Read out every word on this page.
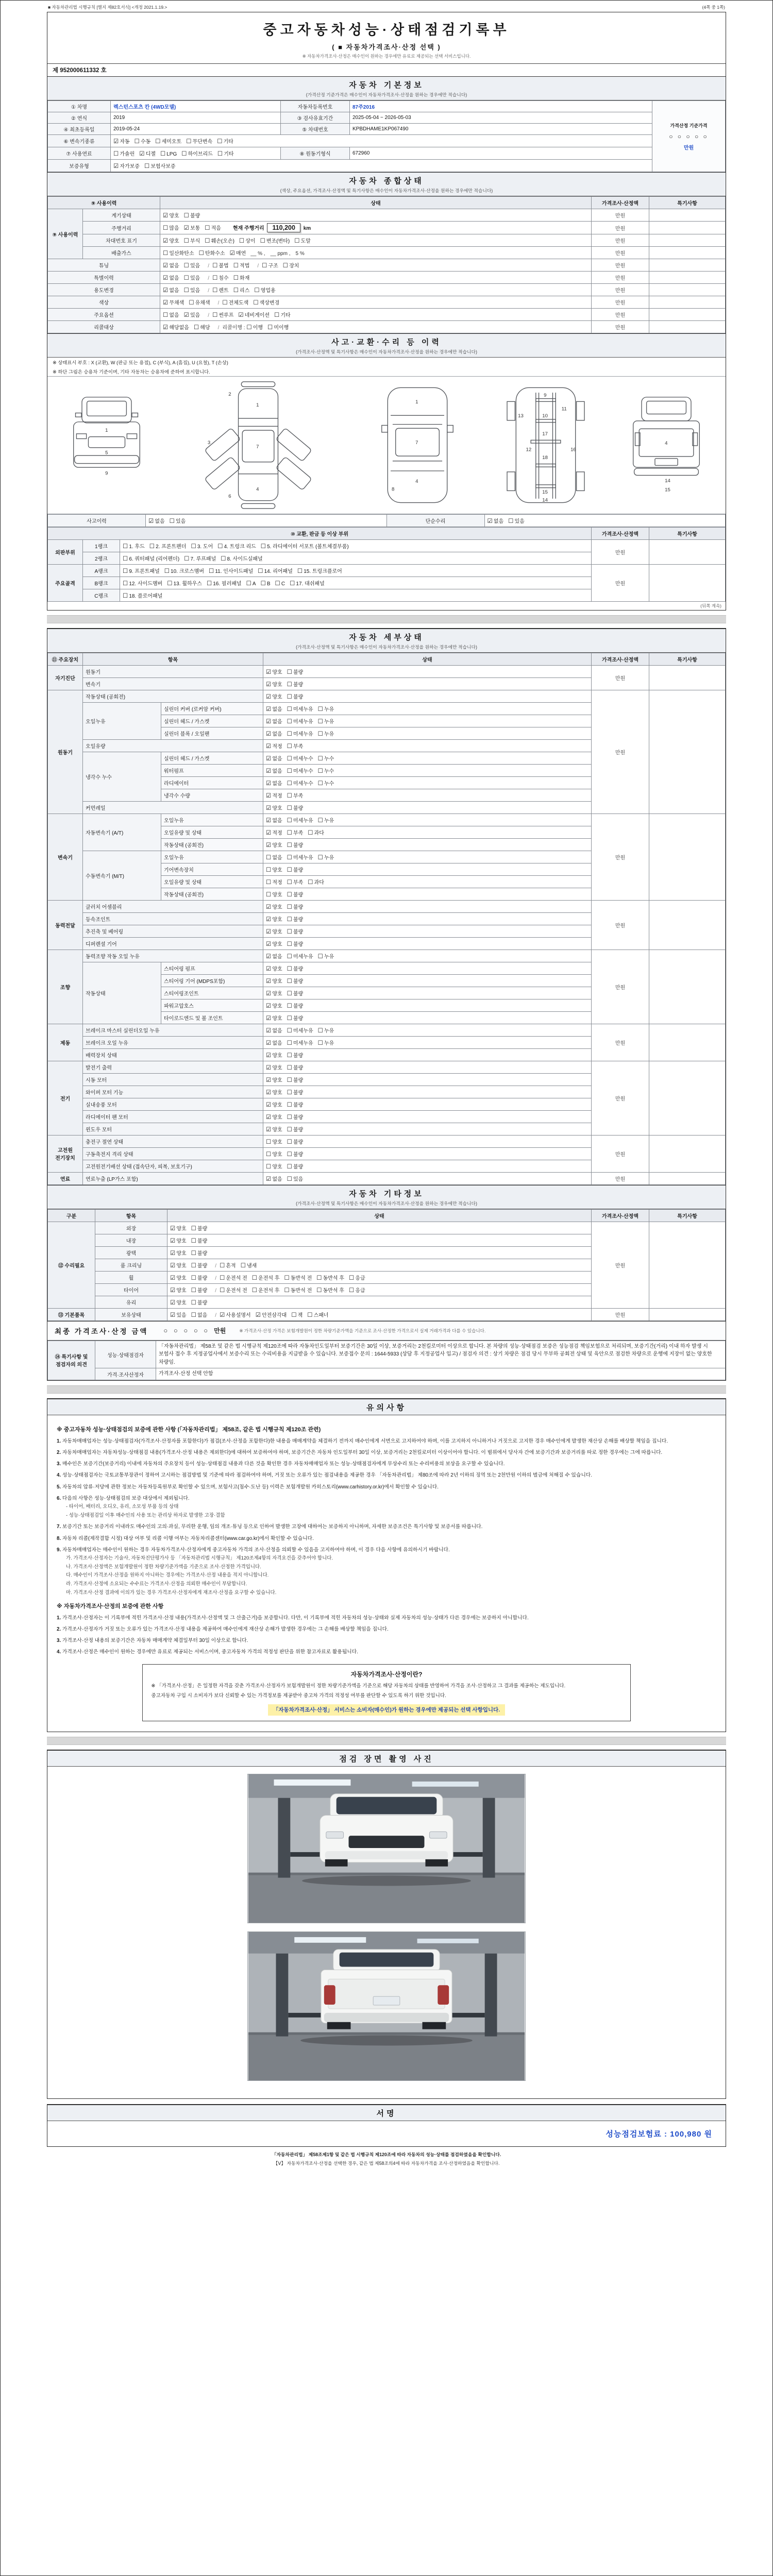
■ 자동차관리법 시행규칙 [별지 제82호서식] <개정 2021.1.19.>	(4쪽 중 1쪽)
중고자동차성능·상태점검기록부
( ■ 자동차가격조사·산정 선택 )
※ 자동차가격조사·산정은 매수인이 원하는 경우에만 유료로 제공되는 선택 서비스입니다.
제 952000611332 호
자동차 기본정보
(가격산정 기준가격은 매수인이 자동차가격조사·산정을 원하는 경우에만 적습니다)
① 차명	렉스턴스포츠 칸 (4WD모델)	자동차등록번호	87주2016	가격산정 기준가격
○ ○ ○ ○ ○
만원

② 연식	2019	③ 검사유효기간	2025-05-04 ~ 2026-05-03	
④ 최초등록일	2019-05-24	⑤ 차대번호	KPBDHAME1KP067490	
⑥ 변속기종류	☑ 자동 ☐ 수동 ☐ 세미오토 ☐ 무단변속 ☐ 기타			
⑦ 사용연료	☐ 가솔린 ☑ 디젤 ☐ LPG ☐ 하이브리드 ☐ 기타	⑧ 원동기형식	672960	
보증유형	☑ 자가보증 ☐ 보험사보증			
자동차 종합상태
(색상, 주요옵션, 가격조사·산정액 및 특기사항은 매수인이 자동차가격조사·산정을 원하는 경우에만 적습니다)
⑨ 사용이력		상태	가격조사·산정액	특기사항
⑨ 사용이력	계기상태	☑ 양호 ☐ 불량	만원	
	주행거리	☐ 많음 ☑ 보통 ☐ 적음 현재 주행거리 110,200 km	만원	
	차대번호 표기	☑ 양호 ☐ 부식 ☐ 훼손(오손) ☐ 상이 ☐ 변조(변타) ☐ 도말	만원	
	배출가스	☐ 일산화탄소 ☐ 탄화수소 ☑ 매연 __ % ,　__ ppm ,　5 %	만원	
튜닝		☑ 없음 ☐ 있음 / ☐ 불법 ☐ 적법 / ☐ 구조 ☐ 장치	만원	
특별이력		☑ 없음 ☐ 있음 / ☐ 침수 ☐ 화재	만원	
용도변경		☑ 없음 ☐ 있음 / ☐ 렌트 ☐ 리스 ☐ 영업용	만원	
색상		☑ 무채색 ☐ 유채색 / ☐ 전체도색 ☐ 색상변경	만원	
주요옵션		☐ 없음 ☑ 있음 / ☐ 썬루프 ☑ 네비게이션 ☐ 기타	만원	
리콜대상		☑ 해당없음 ☐ 해당 / 리콜이행 : ☐ 이행 ☐ 미이행	만원	
사고·교환·수리 등 이력
(가격조사·산정액 및 특기사항은 매수인이 자동차가격조사·산정을 원하는 경우에만 적습니다)
※ 상태표시 부호 : X (교환), W (판금 또는 용접), C (부식), A (흠집), U (요철), T (손상)
※ 하단 그림은 승용차 기준이며, 기타 자동차는 승용차에 준하여 표시합니다.
1
5
9
1
2
3
7
4
6
1
7
4
8
9
10
11
12
13
16
17
18
15
14
4
14
15
사고이력	☑ 없음 ☐ 있음	단순수리	☑ 없음 ☐ 있음
⑩ 교환, 판금 등 이상 부위			가격조사·산정액	특기사항
외판부위	1랭크	☐ 1. 후드 ☐ 2. 프론트펜더 ☐ 3. 도어 ☐ 4. 트렁크 리드 ☐ 5. 라디에이터 서포트 (볼트체결부품)	만원	
	2랭크	☐ 6. 쿼터패널 (리어펜더) ☐ 7. 루프패널 ☐ 8. 사이드실패널		
주요골격	A랭크	☐ 9. 프론트패널 ☐ 10. 크로스멤버 ☐ 11. 인사이드패널 ☐ 14. 리어패널 ☐ 15. 트렁크플로어	만원	
	B랭크	☐ 12. 사이드멤버 ☐ 13. 휠하우스 ☐ 16. 필러패널 ☐ A ☐ B ☐ C ☐ 17. 대쉬패널		
	C랭크	☐ 18. 플로어패널		
(뒤쪽 계속)
자동차 세부상태
(가격조사·산정액 및 특기사항은 매수인이 자동차가격조사·산정을 원하는 경우에만 적습니다)
⑪ 주요장치	항목		상태	가격조사·산정액	특기사항
자기진단	원동기		☑ 양호 ☐ 불량	만원	
	변속기		☑ 양호 ☐ 불량		
원동기	작동상태 (공회전)		☑ 양호 ☐ 불량	만원	
	오일누유	실린더 커버 (로커암 커버)	☑ 없음 ☐ 미세누유 ☐ 누유		
		실린더 헤드 / 가스켓	☑ 없음 ☐ 미세누유 ☐ 누유		
		실린더 블록 / 오일팬	☑ 없음 ☐ 미세누유 ☐ 누유		
	오일유량		☑ 적정 ☐ 부족		
	냉각수 누수	실린더 헤드 / 가스켓	☑ 없음 ☐ 미세누수 ☐ 누수		
		워터펌프	☑ 없음 ☐ 미세누수 ☐ 누수		
		라디에이터	☑ 없음 ☐ 미세누수 ☐ 누수		
		냉각수 수량	☑ 적정 ☐ 부족		
	커먼레일		☑ 양호 ☐ 불량		
변속기	자동변속기 (A/T)	오일누유	☑ 없음 ☐ 미세누유 ☐ 누유	만원	
		오일유량 및 상태	☑ 적정 ☐ 부족 ☐ 과다		
		작동상태 (공회전)	☑ 양호 ☐ 불량		
	수동변속기 (M/T)	오일누유	☐ 없음 ☐ 미세누유 ☐ 누유		
		기어변속장치	☐ 양호 ☐ 불량		
		오일유량 및 상태	☐ 적정 ☐ 부족 ☐ 과다		
		작동상태 (공회전)	☐ 양호 ☐ 불량		
동력전달	클러치 어셈블리		☑ 양호 ☐ 불량	만원	
	등속조인트		☑ 양호 ☐ 불량		
	추진축 및 베어링		☑ 양호 ☐ 불량		
	디퍼렌셜 기어		☑ 양호 ☐ 불량		
조향	동력조향 작동 오일 누유		☑ 없음 ☐ 미세누유 ☐ 누유	만원	
	작동상태	스티어링 펌프	☑ 양호 ☐ 불량		
		스티어링 기어 (MDPS포함)	☑ 양호 ☐ 불량		
		스티어링조인트	☑ 양호 ☐ 불량		
		파워고압호스	☑ 양호 ☐ 불량		
		타이로드엔드 및 볼 조인트	☑ 양호 ☐ 불량		
제동	브레이크 마스터 실린더오일 누유		☑ 없음 ☐ 미세누유 ☐ 누유	만원	
	브레이크 오일 누유		☑ 없음 ☐ 미세누유 ☐ 누유		
	배력장치 상태		☑ 양호 ☐ 불량		
전기	발전기 출력		☑ 양호 ☐ 불량	만원	
	시동 모터		☑ 양호 ☐ 불량		
	와이퍼 모터 기능		☑ 양호 ☐ 불량		
	실내송풍 모터		☑ 양호 ☐ 불량		
	라디에이터 팬 모터		☑ 양호 ☐ 불량		
	윈도우 모터		☑ 양호 ☐ 불량		
고전원 전기장치	충전구 절연 상태		☐ 양호 ☐ 불량	만원	
	구동축전지 격리 상태		☐ 양호 ☐ 불량		
	고전원전기배선 상태 (접속단자, 피복, 보호기구)		☐ 양호 ☐ 불량		
연료	연료누출 (LP가스 포함)		☑ 없음 ☐ 있음	만원	
자동차 기타정보
(가격조사·산정액 및 특기사항은 매수인이 자동차가격조사·산정을 원하는 경우에만 적습니다)
구분	항목	상태	가격조사·산정액	특기사항
⑫ 수리필요	외장	☑ 양호 ☐ 불량	만원	
	내장	☑ 양호 ☐ 불량		
	광택	☑ 양호 ☐ 불량		
	룸 크리닝	☑ 양호 ☐ 불량 / ☐ 흔적 ☐ 냄새		
	휠	☑ 양호 ☐ 불량 / ☐ 운전석 전 ☐ 운전석 후 ☐ 동반석 전 ☐ 동반석 후 ☐ 응급		
	타이어	☑ 양호 ☐ 불량 / ☐ 운전석 전 ☐ 운전석 후 ☐ 동반석 전 ☐ 동반석 후 ☐ 응급		
	유리	☑ 양호 ☐ 불량		
⑬ 기본품목	보유상태	☑ 있음 ☐ 없음 / ☑ 사용설명서 ☑ 안전삼각대 ☐ 잭 ☐ 스패너	만원	
최종 가격조사·산정 금액 ○ ○ ○ ○ ○ 만원	※ 가격조사·산정 가격은 보험개발원이 정한 차량기준가액을 기준으로 조사·산정한 가격으로서 실제 거래가격과 다를 수 있습니다.
⑭ 특기사항 및 점검자의 의견	성능·상태점검자	「자동차관리법」 제58조 및 같은 법 시행규칙 제120조에 따라 자동차인도일부터 보증기간은 30일 이상, 보증거리는 2천킬로미터 이상으로 합니다. 본 차량의 성능·상태점검 보증은 성능점검 책임보험으로 처리되며, 보증기간(거리) 이내 하자 발생 시 보험사 접수 후 지정공업사에서 보증수리 또는 수리비용을 지급받을 수 있습니다. 보증접수 문의 : 1644-5933 (상담 후 지정공업사 입고) / 점검자 의견 : 상기 차량은 점검 당시 무부하 공회전 상태 및 육안으로 점검한 차량으로 운행에 지장이 없는 양호한 차량임.
	가격·조사산정자	가격조사·산정 선택 안함
유의사항
※ 중고자동차 성능·상태점검의 보증에 관한 사항 (「자동차관리법」 제58조, 같은 법 시행규칙 제120조 관련)
1. 자동차매매업자는 성능·상태점검자(가격조사·산정자를 포함한다)가 점검(조사·산정을 포함한다)한 내용을 매매계약을 체결하기 전까지 매수인에게 서면으로 고지하여야 하며, 이를 고지하지 아니하거나 거짓으로 고지한 경우 매수인에게 발생한 재산상 손해를 배상할 책임을 집니다.
2. 자동차매매업자는 자동차성능·상태점검 내용(가격조사·산정 내용은 제외한다)에 대하여 보증하여야 하며, 보증기간은 자동차 인도일부터 30일 이상, 보증거리는 2천킬로미터 이상이어야 합니다. 이 범위에서 당사자 간에 보증기간과 보증거리를 따로 정한 경우에는 그에 따릅니다.
3. 매수인은 보증기간(보증거리) 이내에 자동차의 주요장치 등이 성능·상태점검 내용과 다른 것을 확인한 경우 자동차매매업자 또는 성능·상태점검자에게 무상수리 또는 수리비용의 보상을 요구할 수 있습니다.
4. 성능·상태점검자는 국토교통부장관이 정하여 고시하는 점검방법 및 기준에 따라 점검하여야 하며, 거짓 또는 오류가 있는 점검내용을 제공한 경우 「자동차관리법」 제80조에 따라 2년 이하의 징역 또는 2천만원 이하의 벌금에 처해질 수 있습니다.
5. 자동차의 압류·저당에 관한 정보는 자동차등록원부로 확인할 수 있으며, 보험사고(침수·도난 등) 이력은 보험개발원 카히스토리(www.carhistory.or.kr)에서 확인할 수 있습니다.
6. 다음의 사항은 성능·상태점검의 보증 대상에서 제외됩니다.
- 타이어, 배터리, 오디오, 유리, 소모성 부품 등의 상태
- 성능·상태점검일 이후 매수인의 사용 또는 관리상 하자로 발생한 고장·결함
7. 보증기간 또는 보증거리 이내라도 매수인의 고의·과실, 무리한 운행, 임의 개조·튜닝 등으로 인하여 발생한 고장에 대하여는 보증하지 아니하며, 자세한 보증조건은 특기사항 및 보증서를 따릅니다.
8. 자동차 리콜(제작결함 시정) 대상 여부 및 리콜 이행 여부는 자동차리콜센터(www.car.go.kr)에서 확인할 수 있습니다.
9. 자동차매매업자는 매수인이 원하는 경우 자동차가격조사·산정자에게 중고자동차 가격의 조사·산정을 의뢰할 수 있음을 고지하여야 하며, 이 경우 다음 사항에 유의하시기 바랍니다.
가. 가격조사·산정자는 기술사, 자동차진단평가사 등 「자동차관리법 시행규칙」 제120조제4항의 자격요건을 갖추어야 합니다.
나. 가격조사·산정액은 보험개발원이 정한 차량기준가액을 기준으로 조사·산정한 가격입니다.
다. 매수인이 가격조사·산정을 원하지 아니하는 경우에는 가격조사·산정 내용을 적지 아니합니다.
라. 가격조사·산정에 소요되는 수수료는 가격조사·산정을 의뢰한 매수인이 부담합니다.
마. 가격조사·산정 결과에 이의가 있는 경우 가격조사·산정자에게 재조사·산정을 요구할 수 있습니다.
※ 자동차가격조사·산정의 보증에 관한 사항
1. 가격조사·산정자는 이 기록부에 적힌 가격조사·산정 내용(가격조사·산정액 및 그 산출근거)을 보증합니다. 다만, 이 기록부에 적힌 자동차의 성능·상태와 실제 자동차의 성능·상태가 다른 경우에는 보증하지 아니합니다.
2. 가격조사·산정자가 거짓 또는 오류가 있는 가격조사·산정 내용을 제공하여 매수인에게 재산상 손해가 발생한 경우에는 그 손해를 배상할 책임을 집니다.
3. 가격조사·산정 내용의 보증기간은 자동차 매매계약 체결일부터 30일 이상으로 합니다.
4. 가격조사·산정은 매수인이 원하는 경우에만 유료로 제공되는 서비스이며, 중고자동차 가격의 적정성 판단을 위한 참고자료로 활용됩니다.
자동차가격조사·산정이란?
※ 「가격조사·산정」은 일정한 자격을 갖춘 가격조사·산정자가 보험개발원이 정한 차량기준가액을 기준으로 해당 자동차의 상태를 반영하여 가격을 조사·산정하고 그 결과를 제공하는 제도입니다.
중고자동차 구입 시 소비자가 보다 신뢰할 수 있는 가격정보를 제공받아 중고차 가격의 적정성 여부를 판단할 수 있도록 하기 위한 것입니다.
「자동차가격조사·산정」 서비스는 소비자(매수인)가 원하는 경우에만 제공되는 선택 사항입니다.
점검 장면 촬영 사진
서명
성능점검보험료 : 100,980 원
「자동차관리법」 제58조제1항 및 같은 법 시행규칙 제120조에 따라 자동차의 성능·상태를 점검하였음을 확인합니다.
【Ⅴ】 자동차가격조사·산정을 선택한 경우, 같은 법 제58조의4에 따라 자동차가격을 조사·산정하였음을 확인합니다.
